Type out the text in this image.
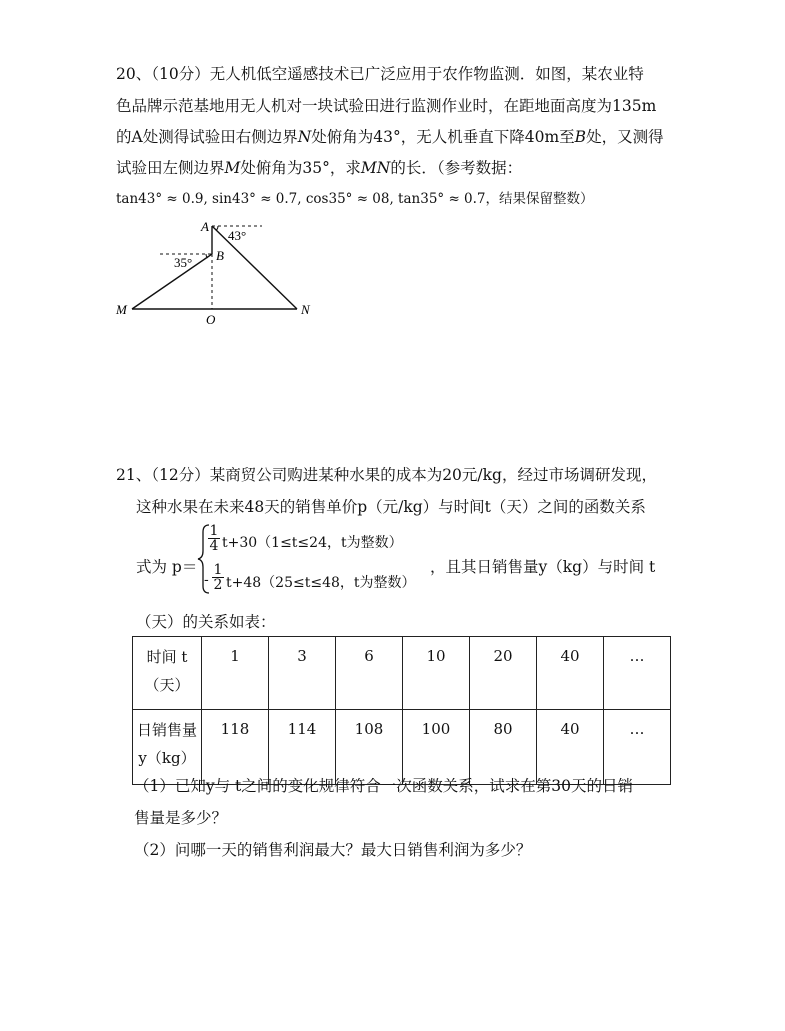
20、（10分）无人机低空遥感技术已广泛应用于农作物监测．如图，某农业特
色品牌示范基地用无人机对一块试验田进行监测作业时，在距地面高度为135m
的A处测得试验田右侧边界N处俯角为43°，无人机垂直下降40m至B处，又测得
试验田左侧边界M处俯角为35°，求MN的长．（参考数据：
tan43° ≈ 0.9, sin43° ≈ 0.7, cos35° ≈ 08, tan35° ≈ 0.7，结果保留整数）
A
B
M
O
N
43°
35°
21、（12分）某商贸公司购进某种水果的成本为20元/kg，经过市场调研发现，
这种水果在未来48天的销售单价p（元/kg）与时间t（天）之间的函数关系
式为 p＝
$\frac{1}{4} t+30(1\le t\le 24$，t为整数）
- $\frac{1}{2} t+48(25\le t\le 48$，t为整数）
，且其日销售量y（kg）与时间 t
（天）的关系如表：
时间 t
（天）	1	3	6	10	20	40	…

日销售量
y（kg）	118	114	108	100	80	40	…
（1）已知y与 t之间的变化规律符合一次函数关系，试求在第30天的日销
售量是多少？
（2）问哪一天的销售利润最大？最大日销售利润为多少？
